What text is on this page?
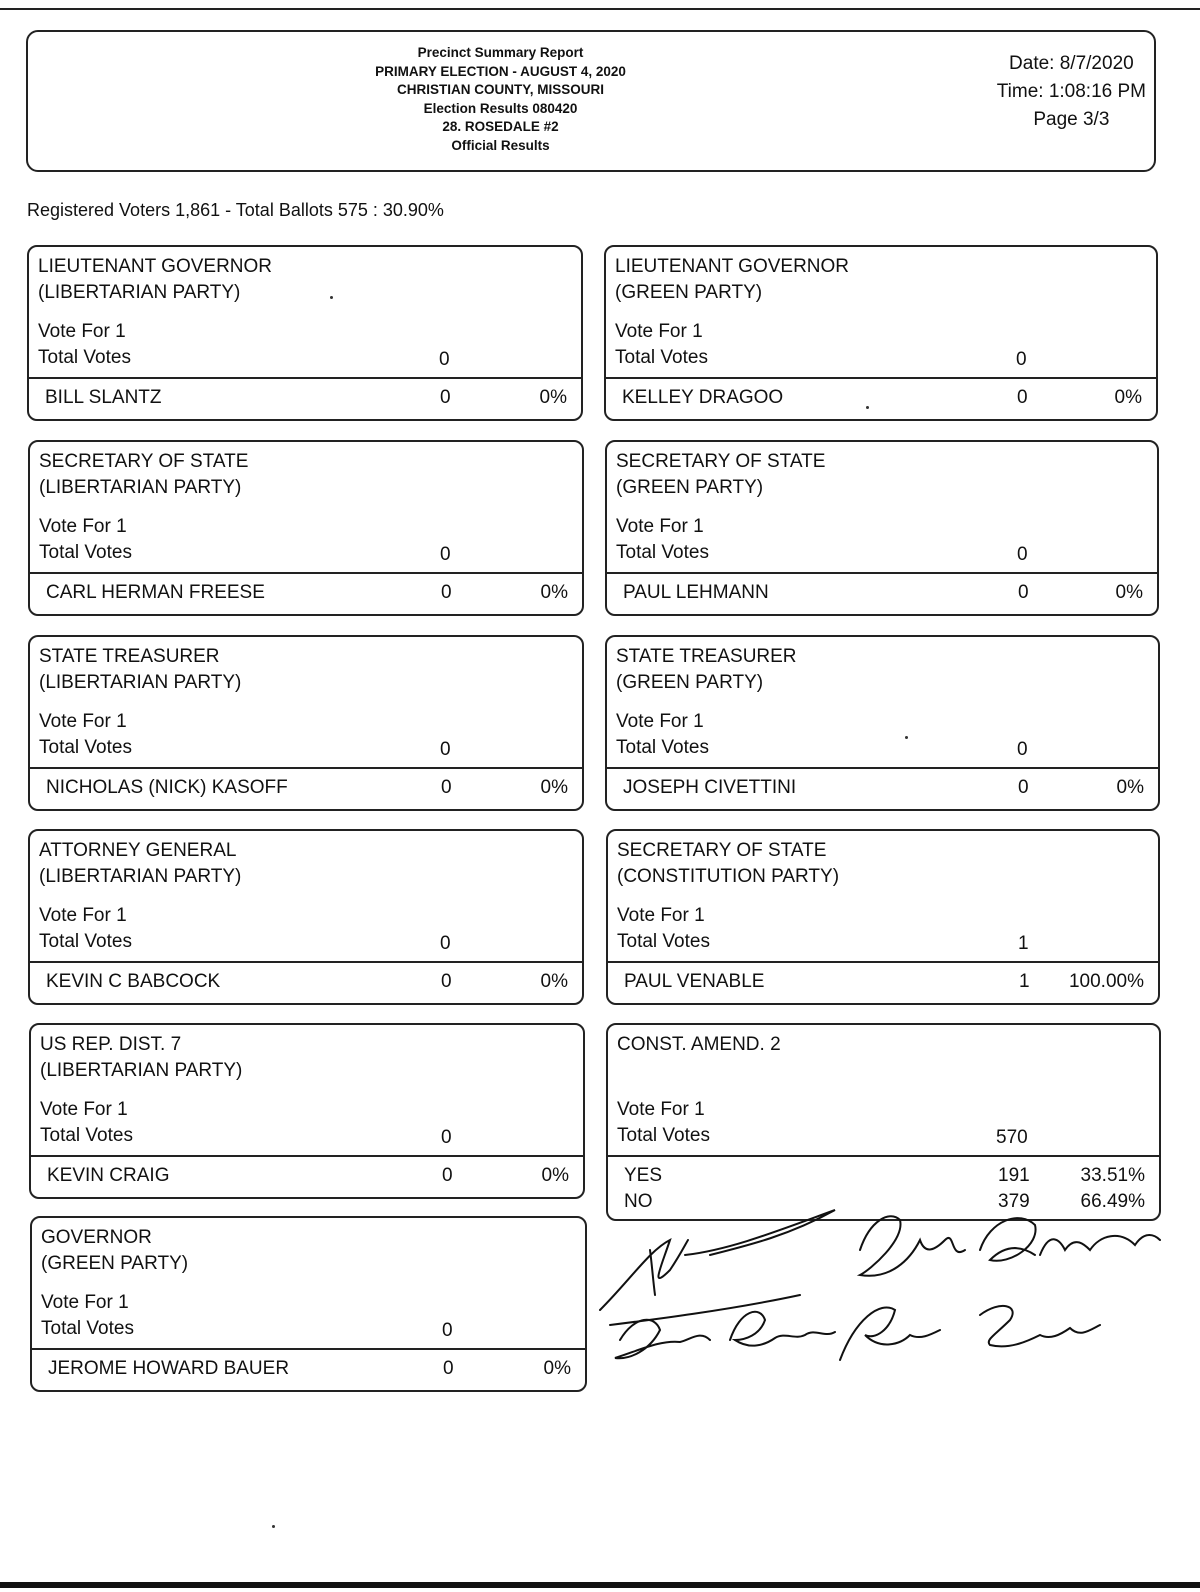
Precinct Summary Report
PRIMARY ELECTION - AUGUST 4, 2020
CHRISTIAN COUNTY, MISSOURI
Election Results 080420
28. ROSEDALE #2
Official Results
Date: 8/7/2020
Time: 1:08:16 PM
Page 3/3
Registered Voters 1,861 - Total Ballots 575 : 30.90%
LIEUTENANT GOVERNOR
(LIBERTARIAN PARTY)
Vote For 1
Total Votes	0
BILL SLANTZ	0	0%
LIEUTENANT GOVERNOR
(GREEN PARTY)
Vote For 1
Total Votes	0
KELLEY DRAGOO	0	0%
SECRETARY OF STATE
(LIBERTARIAN PARTY)
Vote For 1
Total Votes	0
CARL HERMAN FREESE	0	0%
SECRETARY OF STATE
(GREEN PARTY)
Vote For 1
Total Votes	0
PAUL LEHMANN	0	0%
STATE TREASURER
(LIBERTARIAN PARTY)
Vote For 1
Total Votes	0
NICHOLAS (NICK) KASOFF	0	0%
STATE TREASURER
(GREEN PARTY)
Vote For 1
Total Votes	0
JOSEPH CIVETTINI	0	0%
ATTORNEY GENERAL
(LIBERTARIAN PARTY)
Vote For 1
Total Votes	0
KEVIN C BABCOCK	0	0%
SECRETARY OF STATE
(CONSTITUTION PARTY)
Vote For 1
Total Votes	1
PAUL VENABLE	1 100.00%
US REP. DIST. 7
(LIBERTARIAN PARTY)
Vote For 1
Total Votes	0
KEVIN CRAIG	0	0%
CONST. AMEND. 2
Vote For 1
Total Votes	570
YES	191	33.51%
NO	379	66.49%
GOVERNOR
(GREEN PARTY)
Vote For 1
Total Votes	0
JEROME HOWARD BAUER	0	0%
